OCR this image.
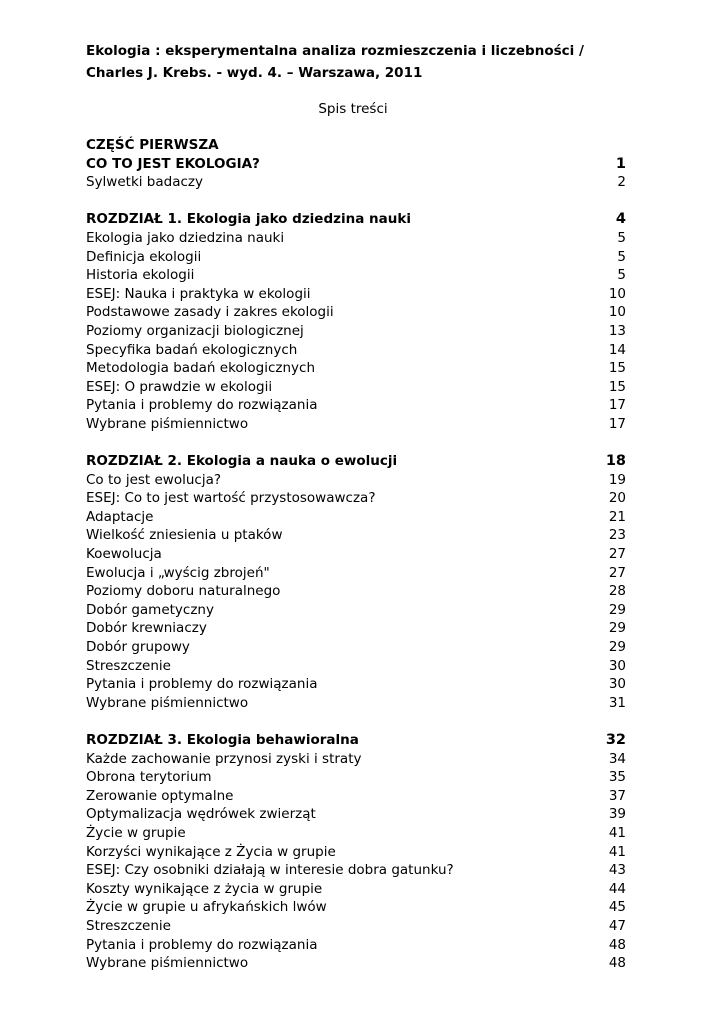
Ekologia : eksperymentalna analiza rozmieszczenia i liczebności /
Charles J. Krebs. - wyd. 4. – Warszawa, 2011

Spis treści
CZĘŚĆ PIERWSZA
CO TO JEST EKOLOGIA?	1
Sylwetki badaczy	2
ROZDZIAŁ 1. Ekologia jako dziedzina nauki	4
Ekologia jako dziedzina nauki	5
Definicja ekologii	5
Historia ekologii	5
ESEJ: Nauka i praktyka w ekologii	10
Podstawowe zasady i zakres ekologii	10
Poziomy organizacji biologicznej	13
Specyfika badań ekologicznych	14
Metodologia badań ekologicznych	15
ESEJ: O prawdzie w ekologii	15
Pytania i problemy do rozwiązania	17
Wybrane piśmiennictwo	17
ROZDZIAŁ 2. Ekologia a nauka o ewolucji	18
Co to jest ewolucja?	19
ESEJ: Co to jest wartość przystosowawcza?	20
Adaptacje	21
Wielkość zniesienia u ptaków	23
Koewolucja	27
Ewolucja i „wyścig zbrojeń"	27
Poziomy doboru naturalnego	28
Dobór gametyczny	29
Dobór krewniaczy	29
Dobór grupowy	29
Streszczenie	30
Pytania i problemy do rozwiązania	30
Wybrane piśmiennictwo	31
ROZDZIAŁ 3. Ekologia behawioralna	32
Każde zachowanie przynosi zyski i straty	34
Obrona terytorium	35
Zerowanie optymalne	37
Optymalizacja wędrówek zwierząt	39
Życie w grupie	41
Korzyści wynikające z Życia w grupie	41
ESEJ: Czy osobniki działają w interesie dobra gatunku?	43
Koszty wynikające z życia w grupie	44
Życie w grupie u afrykańskich lwów	45
Streszczenie	47
Pytania i problemy do rozwiązania	48
Wybrane piśmiennictwo	48
